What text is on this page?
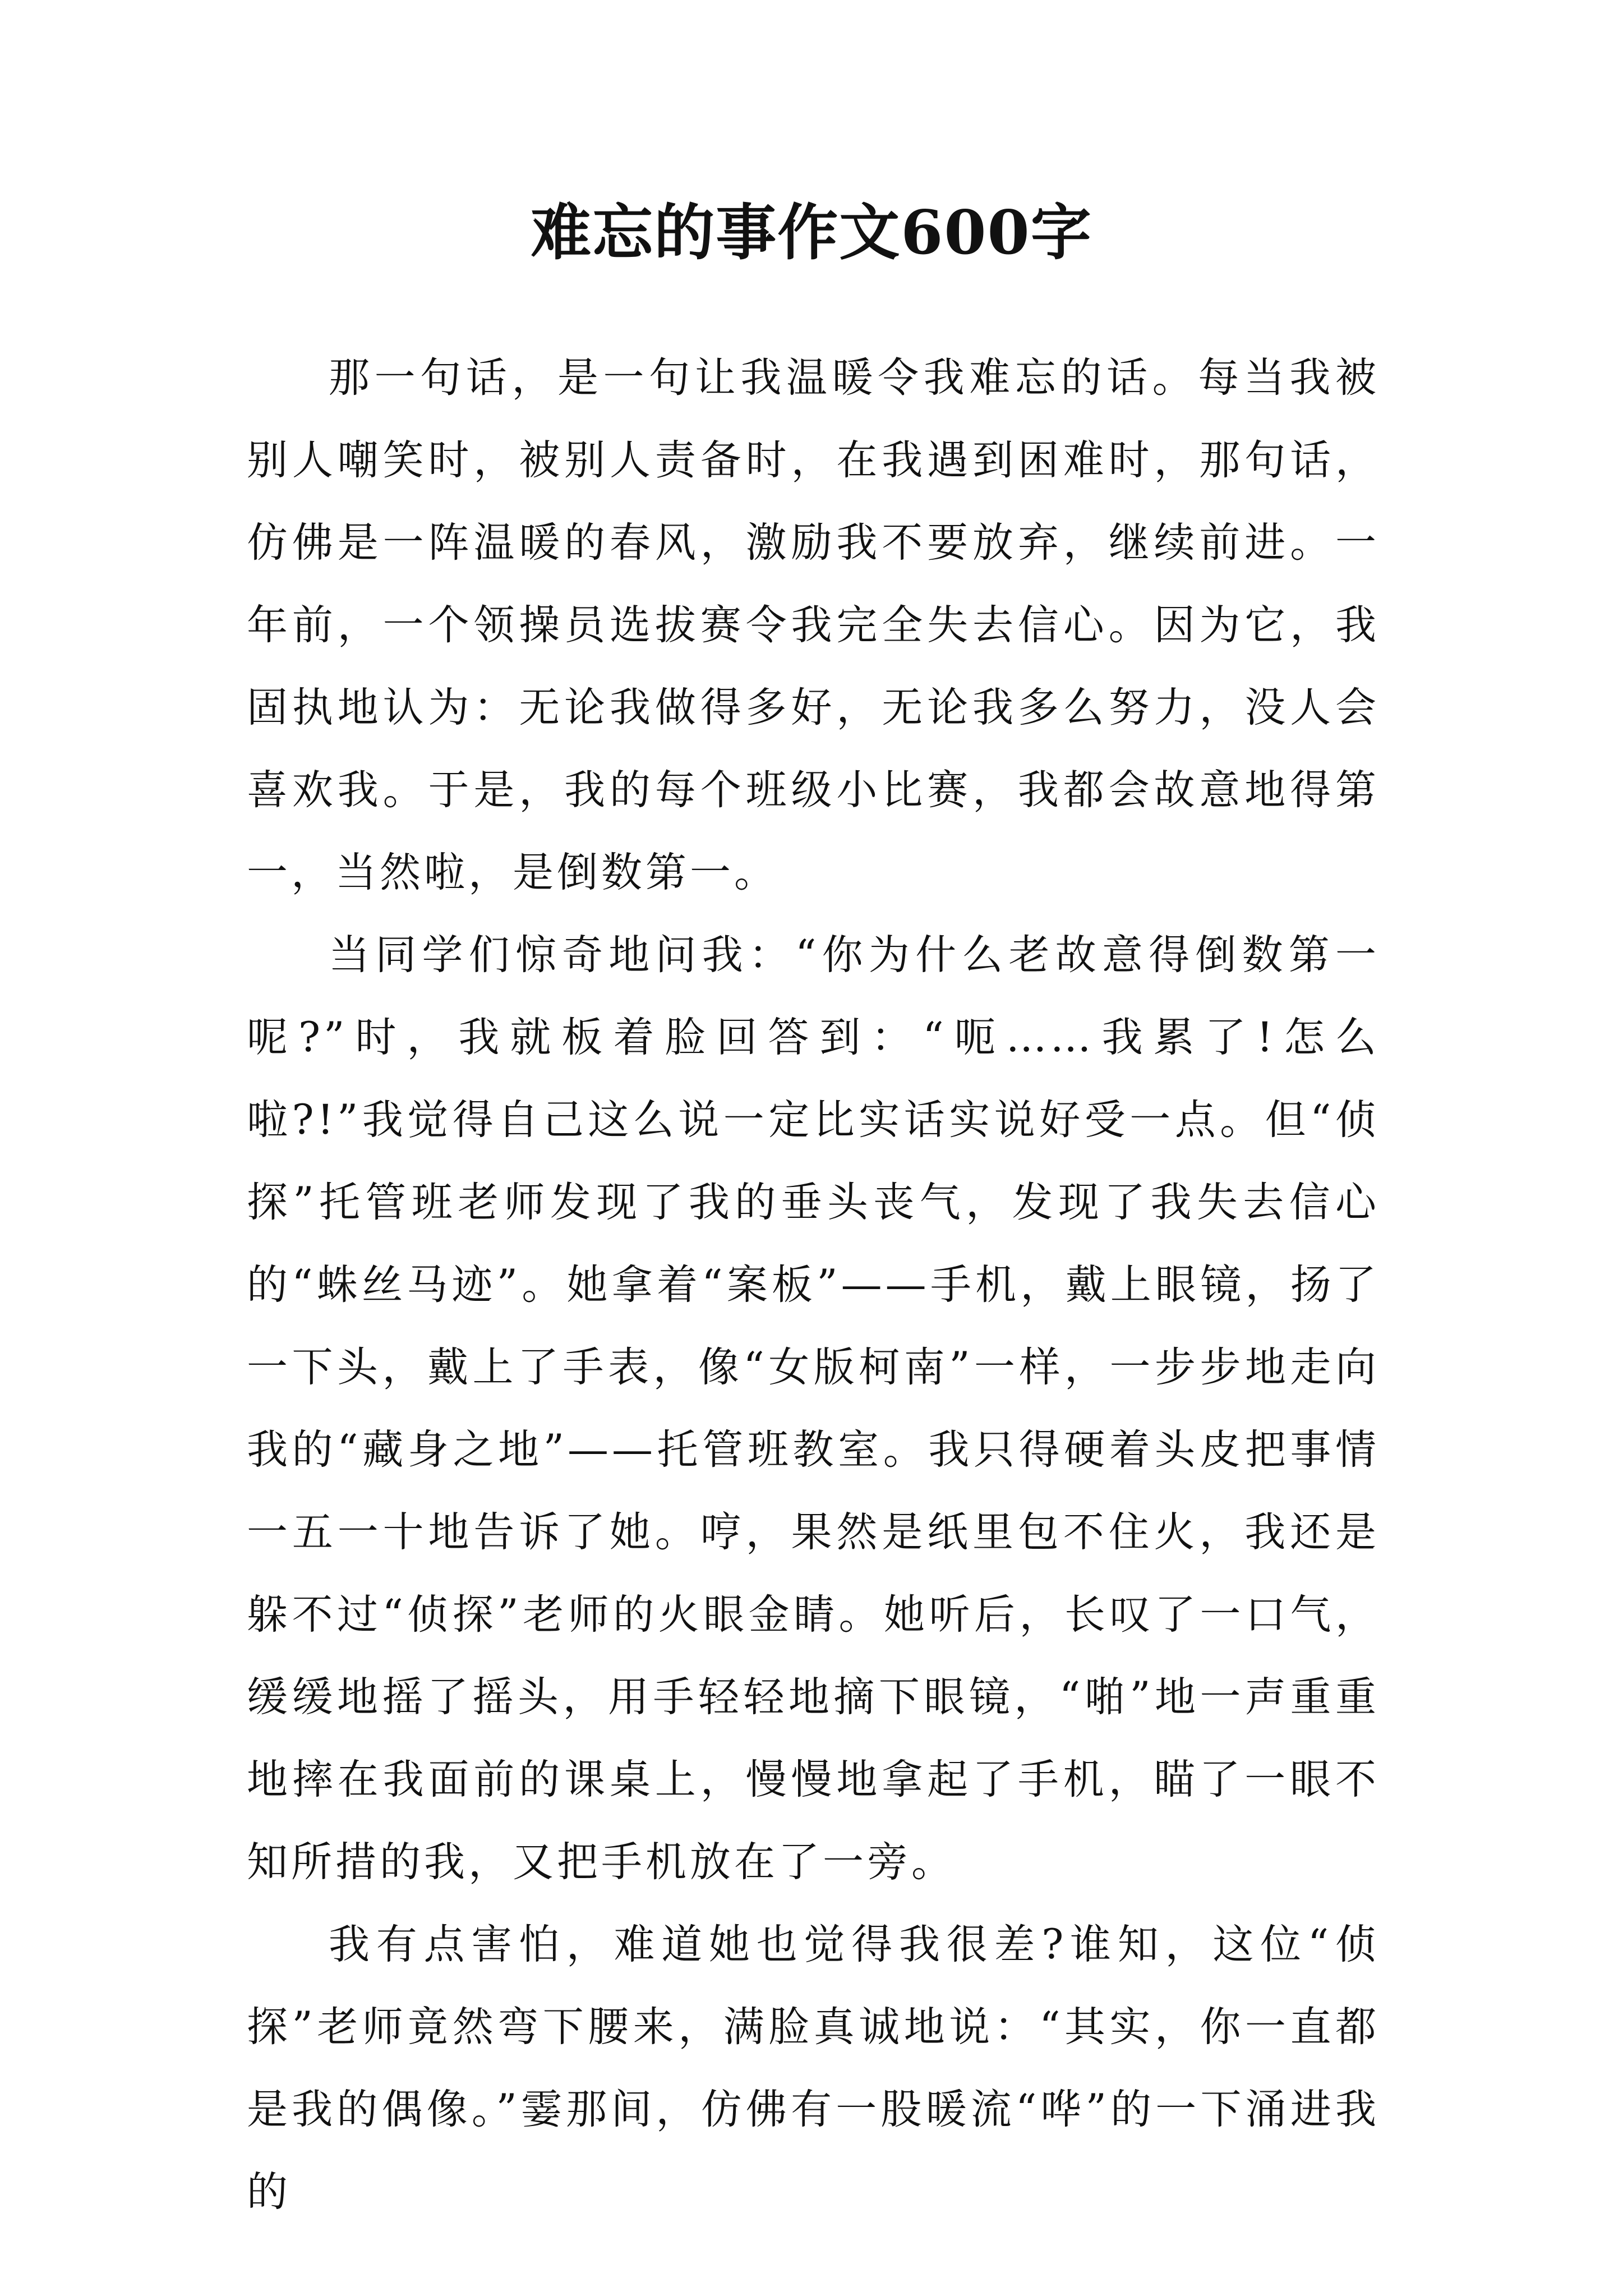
难忘的事作文600字

那一句话，是一句让我温暖令我难忘的话。每当我被别人嘲笑时，被别人责备时，在我遇到困难时，那句话，仿佛是一阵温暖的春风，激励我不要放弃，继续前进。一年前，一个领操员选拔赛令我完全失去信心。因为它，我固执地认为：无论我做得多好，无论我多么努力，没人会喜欢我。于是，我的每个班级小比赛，我都会故意地得第一，当然啦，是倒数第一。

当同学们惊奇地问我：“你为什么老故意得倒数第一呢?”时，我就板着脸回答到：“呃……我累了!怎么啦?!”我觉得自己这么说一定比实话实说好受一点。但“侦探”托管班老师发现了我的垂头丧气，发现了我失去信心的“蛛丝马迹”。她拿着“案板”——手机，戴上眼镜，扬了一下头，戴上了手表，像“女版柯南”一样，一步步地走向我的“藏身之地”——托管班教室。我只得硬着头皮把事情一五一十地告诉了她。哼，果然是纸里包不住火，我还是躲不过“侦探”老师的火眼金睛。她听后，长叹了一口气，缓缓地摇了摇头，用手轻轻地摘下眼镜，“啪”地一声重重地摔在我面前的课桌上，慢慢地拿起了手机，瞄了一眼不知所措的我，又把手机放在了一旁。

我有点害怕，难道她也觉得我很差?谁知，这位“侦探”老师竟然弯下腰来，满脸真诚地说：“其实，你一直都是我的偶像。”霎那间，仿佛有一股暖流“哗”的一下涌进我的
